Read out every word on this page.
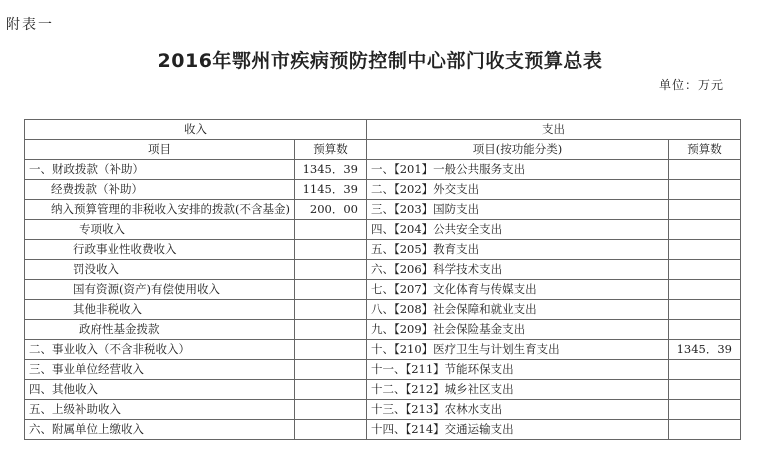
附表一
2016年鄂州市疾病预防控制中心部门收支预算总表
单位：万元
收入		支出	
项目	预算数	项目(按功能分类)	预算数
一、财政拨款（补助）	1345．39	一、【201】一般公共服务支出	
经费拨款（补助）	1145．39	二、【202】外交支出	
纳入预算管理的非税收入安排的拨款(不含基金)	200．00	三、【203】国防支出	
专项收入		四、【204】公共安全支出	
行政事业性收费收入		五、【205】教育支出	
罚没收入		六、【206】科学技术支出	
国有资源(资产)有偿使用收入		七、【207】文化体育与传媒支出	
其他非税收入		八、【208】社会保障和就业支出	
政府性基金拨款		九、【209】社会保险基金支出	
二、事业收入（不含非税收入）		十、【210】医疗卫生与计划生育支出	1345．39
三、事业单位经营收入		十一、【211】节能环保支出	
四、其他收入		十二、【212】城乡社区支出	
五、上级补助收入		十三、【213】农林水支出	
六、附属单位上缴收入		十四、【214】交通运输支出	
